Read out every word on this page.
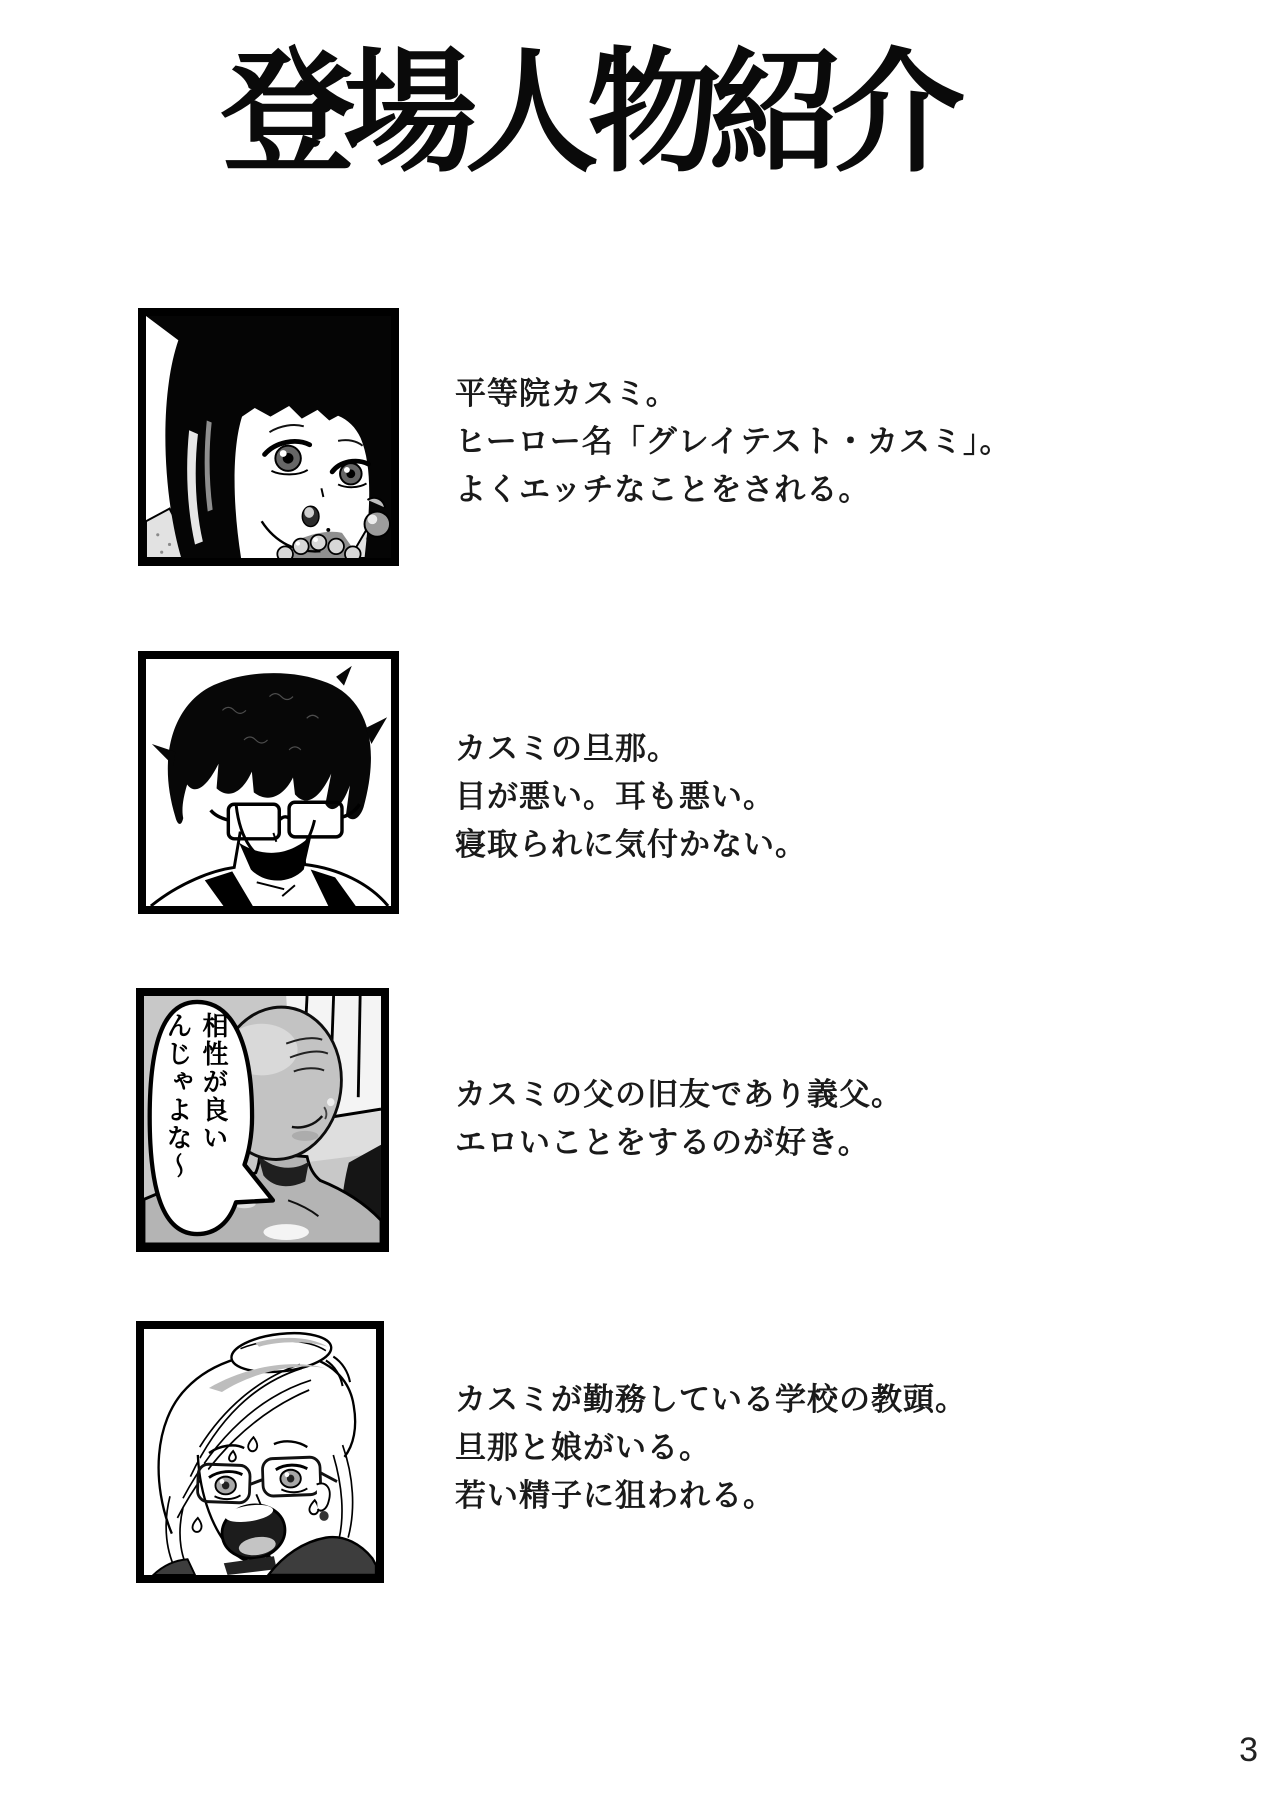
登場人物紹介
平等院カスミ。
ヒーロー名「グレイテスト・カスミ」。
よくエッチなことをされる。
カスミの旦那。
目が悪い。耳も悪い。
寝取られに気付かない。
相性が良い
んじゃよな～	カスミの父の旧友であり義父。
エロいことをするのが好き。
カスミが勤務している学校の教頭。
旦那と娘がいる。
若い精子に狙われる。
3
